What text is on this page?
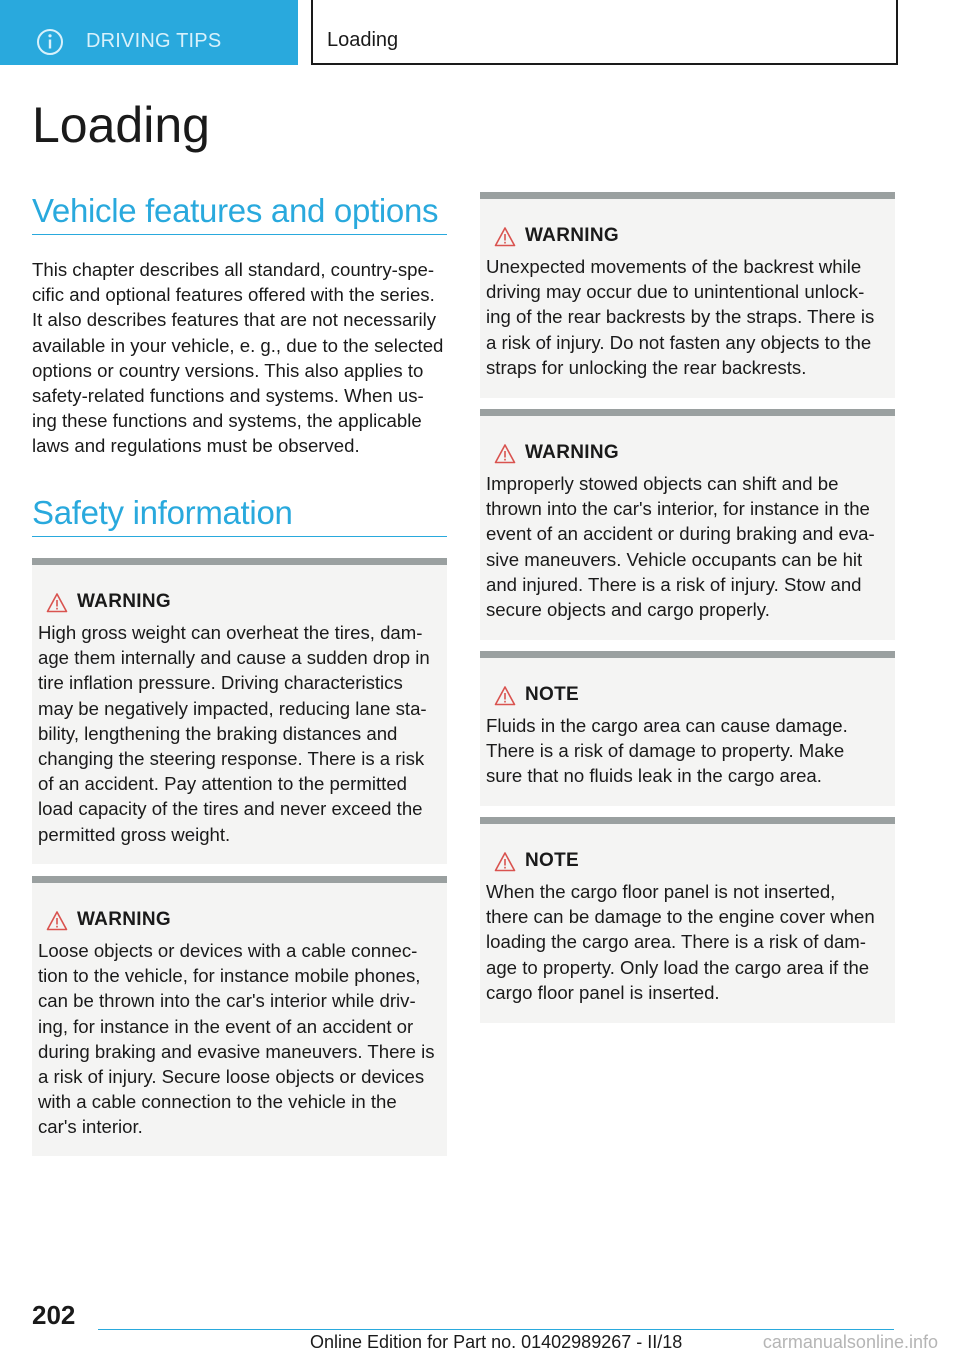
DRIVING TIPS	Loading
Loading
Vehicle features and options

This chapter describes all standard, country-spe-
cific and optional features offered with the series.
It also describes features that are not necessarily
available in your vehicle, e. g., due to the selected
options or country versions. This also applies to
safety-related functions and systems. When us-
ing these functions and systems, the applicable
laws and regulations must be observed.

Safety information
WARNING

High gross weight can overheat the tires, dam-
age them internally and cause a sudden drop in
tire inflation pressure. Driving characteristics
may be negatively impacted, reducing lane sta-
bility, lengthening the braking distances and
changing the steering response. There is a risk
of an accident. Pay attention to the permitted
load capacity of the tires and never exceed the
permitted gross weight.

WARNING

Loose objects or devices with a cable connec-
tion to the vehicle, for instance mobile phones,
can be thrown into the car's interior while driv-
ing, for instance in the event of an accident or
during braking and evasive maneuvers. There is
a risk of injury. Secure loose objects or devices
with a cable connection to the vehicle in the
car's interior.

WARNING

Unexpected movements of the backrest while
driving may occur due to unintentional unlock-
ing of the rear backrests by the straps. There is
a risk of injury. Do not fasten any objects to the
straps for unlocking the rear backrests.

WARNING

Improperly stowed objects can shift and be
thrown into the car's interior, for instance in the
event of an accident or during braking and eva-
sive maneuvers. Vehicle occupants can be hit
and injured. There is a risk of injury. Stow and
secure objects and cargo properly.

NOTE

Fluids in the cargo area can cause damage.
There is a risk of damage to property. Make
sure that no fluids leak in the cargo area.

NOTE

When the cargo floor panel is not inserted,
there can be damage to the engine cover when
loading the cargo area. There is a risk of dam-
age to property. Only load the cargo area if the
cargo floor panel is inserted.

202
Online Edition for Part no. 01402989267 - II/18	carmanualsonline.info
